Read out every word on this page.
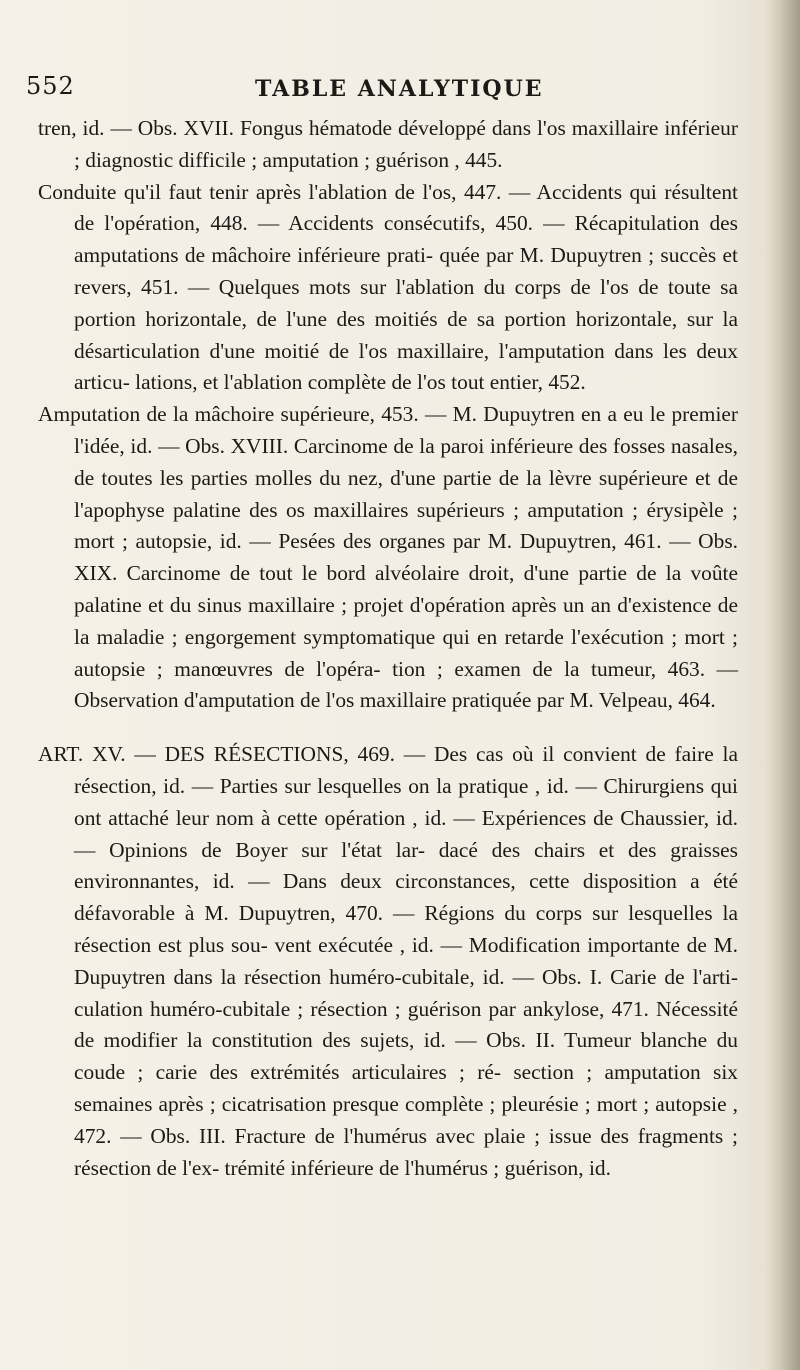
552	TABLE ANALYTIQUE

tren, id. — Obs. XVII. Fongus hématode développé dans l'os maxillaire inférieur ; diagnostic difficile ; amputation ; guérison , 445.

Conduite qu'il faut tenir après l'ablation de l'os, 447. — Accidents qui résultent de l'opération, 448. — Accidents consécutifs, 450. — Récapitulation des amputations de mâchoire inférieure prati- quée par M. Dupuytren ; succès et revers, 451. — Quelques mots sur l'ablation du corps de l'os de toute sa portion horizontale, de l'une des moitiés de sa portion horizontale, sur la désarticulation d'une moitié de l'os maxillaire, l'amputation dans les deux articu- lations, et l'ablation complète de l'os tout entier, 452.

Amputation de la mâchoire supérieure, 453. — M. Dupuytren en a eu le premier l'idée, id. — Obs. XVIII. Carcinome de la paroi inférieure des fosses nasales, de toutes les parties molles du nez, d'une partie de la lèvre supérieure et de l'apophyse palatine des os maxillaires supérieurs ; amputation ; érysipèle ; mort ; autopsie, id. — Pesées des organes par M. Dupuytren, 461. — Obs. XIX. Carcinome de tout le bord alvéolaire droit, d'une partie de la voûte palatine et du sinus maxillaire ; projet d'opération après un an d'existence de la maladie ; engorgement symptomatique qui en retarde l'exécution ; mort ; autopsie ; manœuvres de l'opéra- tion ; examen de la tumeur, 463. — Observation d'amputation de l'os maxillaire pratiquée par M. Velpeau, 464.

ART. XV. — DES RÉSECTIONS, 469. — Des cas où il convient de faire la résection, id. — Parties sur lesquelles on la pratique , id. — Chirurgiens qui ont attaché leur nom à cette opération , id. — Expériences de Chaussier, id. — Opinions de Boyer sur l'état lar- dacé des chairs et des graisses environnantes, id. — Dans deux circonstances, cette disposition a été défavorable à M. Dupuytren, 470. — Régions du corps sur lesquelles la résection est plus sou- vent exécutée , id. — Modification importante de M. Dupuytren dans la résection huméro-cubitale, id. — Obs. I. Carie de l'arti- culation huméro-cubitale ; résection ; guérison par ankylose, 471. Nécessité de modifier la constitution des sujets, id. — Obs. II. Tumeur blanche du coude ; carie des extrémités articulaires ; ré- section ; amputation six semaines après ; cicatrisation presque complète ; pleurésie ; mort ; autopsie , 472. — Obs. III. Fracture de l'humérus avec plaie ; issue des fragments ; résection de l'ex- trémité inférieure de l'humérus ; guérison, id.
